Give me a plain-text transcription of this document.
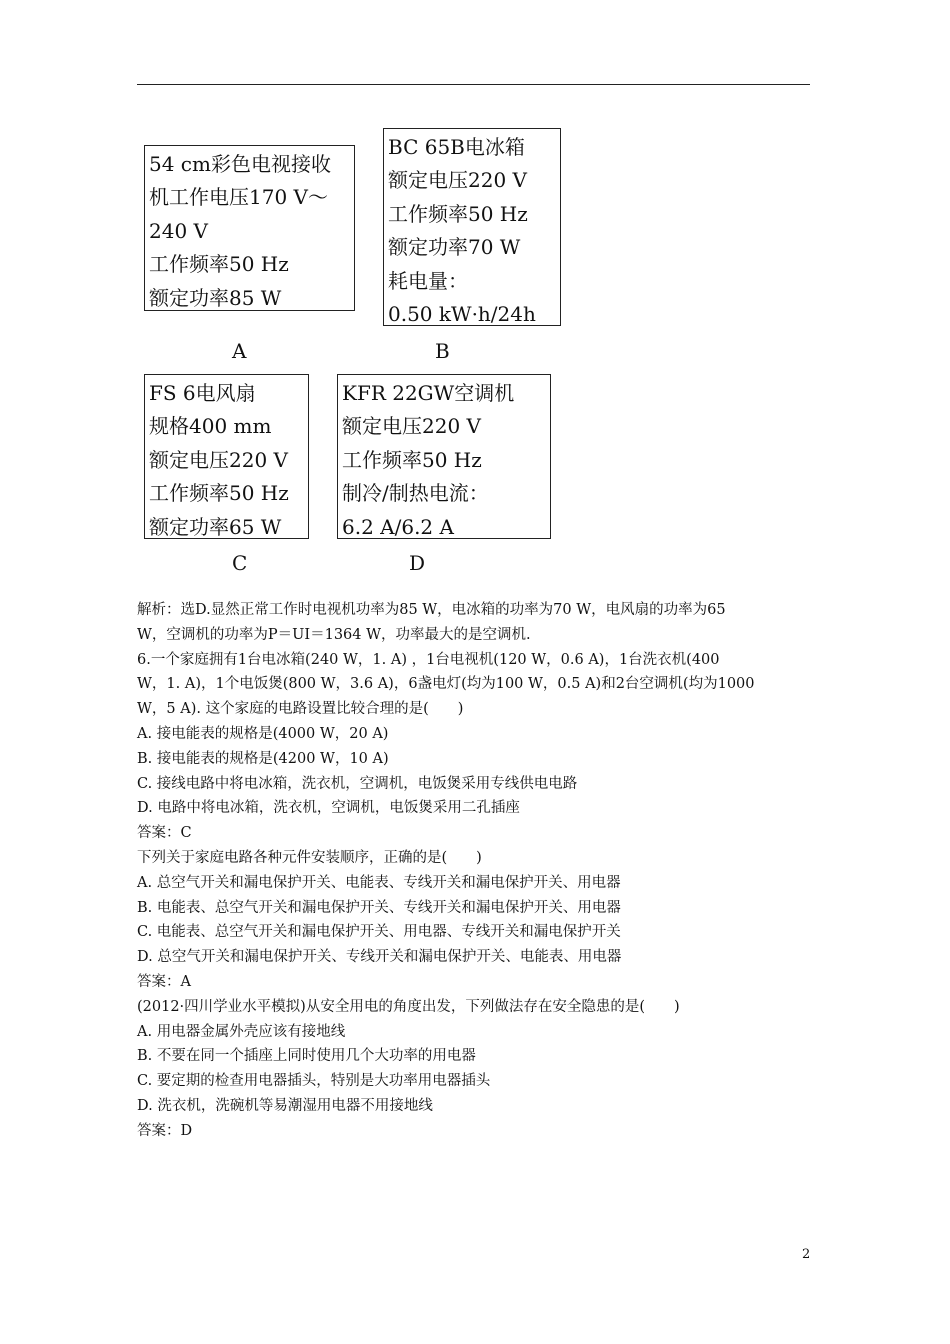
54 cm彩色电视接收
机工作电压170 V～
240 V
工作频率50 Hz
额定功率85 W
A
BC 65B电冰箱
额定电压220 V
工作频率50 Hz
额定功率70 W
耗电量：
0.50 kW·h/24h
B
FS 6电风扇
规格400 mm
额定电压220 V
工作频率50 Hz
额定功率65 W
C
KFR 22GW空调机
额定电压220 V
工作频率50 Hz
制冷/制热电流：
6.2 A/6.2 A
D

解析：选D.显然正常工作时电视机功率为85 W，电冰箱的功率为70 W，电风扇的功率为65

W，空调机的功率为P＝UI＝1364 W，功率最大的是空调机.

6.一个家庭拥有1台电冰箱(240 W，1. A) ，1台电视机(120 W，0.6 A)，1台洗衣机(400

W，1. A)，1个电饭煲(800 W，3.6 A)，6盏电灯(均为100 W，0.5 A)和2台空调机(均为1000

W，5 A). 这个家庭的电路设置比较合理的是(　　)

A. 接电能表的规格是(4000 W，20 A)

B. 接电能表的规格是(4200 W，10 A)

C. 接线电路中将电冰箱，洗衣机，空调机，电饭煲采用专线供电电路

D. 电路中将电冰箱，洗衣机，空调机，电饭煲采用二孔插座

答案：C

下列关于家庭电路各种元件安装顺序，正确的是(　　)

A. 总空气开关和漏电保护开关、电能表、专线开关和漏电保护开关、用电器

B. 电能表、总空气开关和漏电保护开关、专线开关和漏电保护开关、用电器

C. 电能表、总空气开关和漏电保护开关、用电器、专线开关和漏电保护开关

D. 总空气开关和漏电保护开关、专线开关和漏电保护开关、电能表、用电器

答案：A

(2012·四川学业水平模拟)从安全用电的角度出发，下列做法存在安全隐患的是(　　)

A. 用电器金属外壳应该有接地线

B. 不要在同一个插座上同时使用几个大功率的用电器

C. 要定期的检查用电器插头，特别是大功率用电器插头

D. 洗衣机，洗碗机等易潮湿用电器不用接地线

答案：D

2
